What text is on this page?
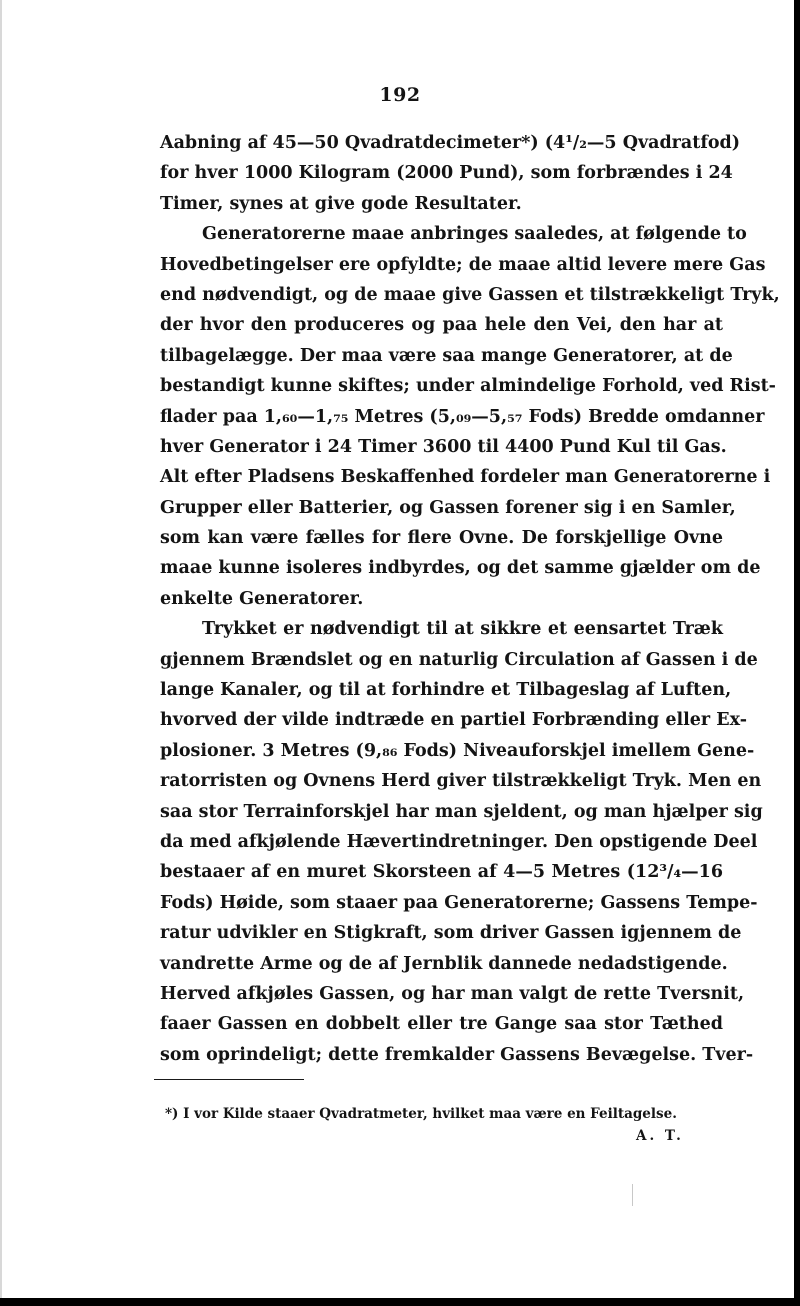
192
Aabning af 45—50 Qvadratdecimeter*) (4¹/₂—5 Qvadratfod)
for hver 1000 Kilogram (2000 Pund), som forbrændes i 24
Timer, synes at give gode Resultater.
Generatorerne maae anbringes saaledes, at følgende to
Hovedbetingelser ere opfyldte; de maae altid levere mere Gas
end nødvendigt, og de maae give Gassen et tilstrækkeligt Tryk,
der hvor den produceres og paa hele den Vei, den har at
tilbagelægge. Der maa være saa mange Generatorer, at de
bestandigt kunne skiftes; under almindelige Forhold, ved Rist-
flader paa 1,₆₀—1,₇₅ Metres (5,₀₉—5,₅₇ Fods) Bredde omdanner
hver Generator i 24 Timer 3600 til 4400 Pund Kul til Gas.
Alt efter Pladsens Beskaffenhed fordeler man Generatorerne i
Grupper eller Batterier, og Gassen forener sig i en Samler,
som kan være fælles for flere Ovne. De forskjellige Ovne
maae kunne isoleres indbyrdes, og det samme gjælder om de
enkelte Generatorer.
Trykket er nødvendigt til at sikkre et eensartet Træk
gjennem Brændslet og en naturlig Circulation af Gassen i de
lange Kanaler, og til at forhindre et Tilbageslag af Luften,
hvorved der vilde indtræde en partiel Forbrænding eller Ex-
plosioner. 3 Metres (9,₈₆ Fods) Niveauforskjel imellem Gene-
ratorristen og Ovnens Herd giver tilstrækkeligt Tryk. Men en
saa stor Terrainforskjel har man sjeldent, og man hjælper sig
da med afkjølende Hævertindretninger. Den opstigende Deel
bestaaer af en muret Skorsteen af 4—5 Metres (12³/₄—16
Fods) Høide, som staaer paa Generatorerne; Gassens Tempe-
ratur udvikler en Stigkraft, som driver Gassen igjennem de
vandrette Arme og de af Jernblik dannede nedadstigende.
Herved afkjøles Gassen, og har man valgt de rette Tversnit,
faaer Gassen en dobbelt eller tre Gange saa stor Tæthed
som oprindeligt; dette fremkalder Gassens Bevægelse. Tver-
*) I vor Kilde staaer Qvadratmeter, hvilket maa være en Feiltagelse.
A. T.
